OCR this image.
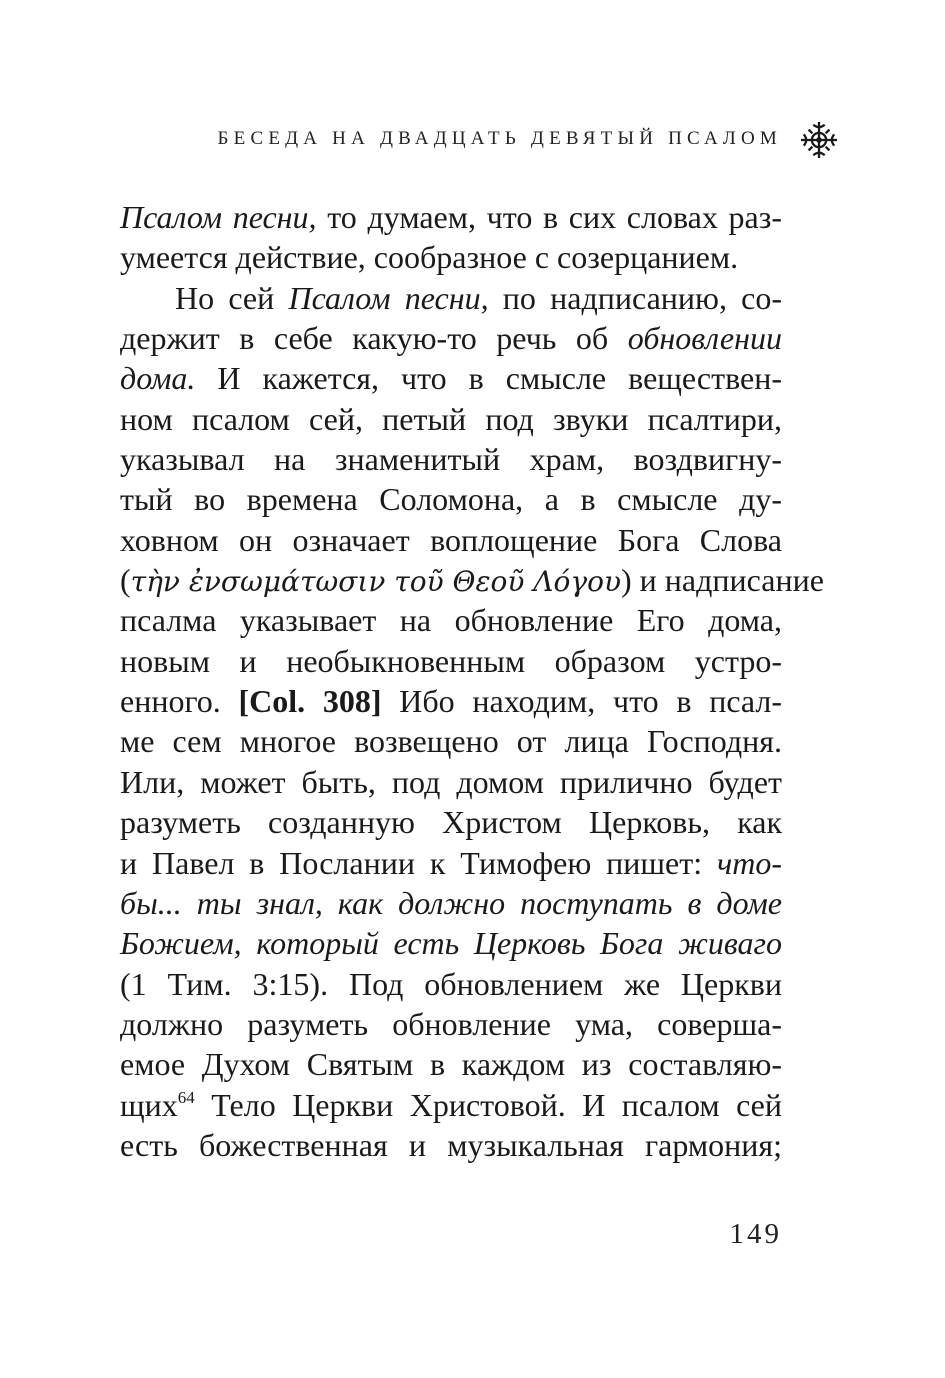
БЕСЕДА НА ДВАДЦАТЬ ДЕВЯТЫЙ ПСАЛОМ
Псалом песни, то думаем, что в сих словах раз-
умеется действие, сообразное с созерцанием.
Но сей Псалом песни, по надписанию, со-
держит в себе какую-то речь об обновлении
дома. И кажется, что в смысле веществен-
ном псалом сей, петый под звуки псалтири,
указывал на знаменитый храм, воздвигну-
тый во времена Соломона, а в смысле ду-
ховном он означает воплощение Бога Слова
(τὴν ἐνσωμάτωσιν τοῦ Θεοῦ Λόγου) и надписание
псалма указывает на обновление Его дома,
новым и необыкновенным образом устро-
енного. [Col. 308] Ибо находим, что в псал-
ме сем многое возвещено от лица Господня.
Или, может быть, под домом прилично будет
разуметь созданную Христом Церковь, как
и Павел в Послании к Тимофею пишет: что-
бы... ты знал, как должно поступать в доме
Божием, который есть Церковь Бога живаго
(1 Тим. 3:15). Под обновлением же Церкви
должно разуметь обновление ума, соверша-
емое Духом Святым в каждом из составляю-
щих$^{64}$ Тело Церкви Христовой. И псалом сей
есть божественная и музыкальная гармония;
149
